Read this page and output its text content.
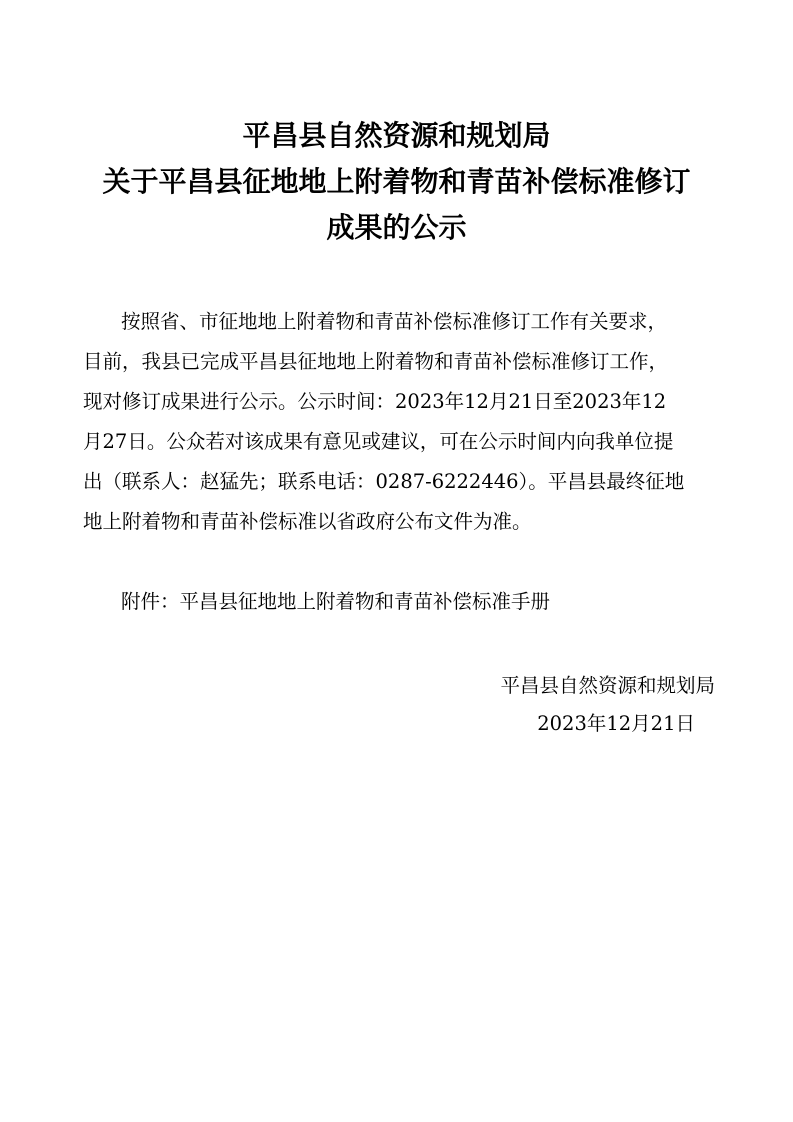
平昌县自然资源和规划局
关于平昌县征地地上附着物和青苗补偿标准修订
成果的公示
按照省、市征地地上附着物和青苗补偿标准修订工作有关要求，
目前，我县已完成平昌县征地地上附着物和青苗补偿标准修订工作，
现对修订成果进行公示。公示时间：2023年12月21日至2023年12
月27日。公众若对该成果有意见或建议，可在公示时间内向我单位提
出（联系人：赵猛先；联系电话：0287-6222446）。平昌县最终征地
地上附着物和青苗补偿标准以省政府公布文件为准。
附件：平昌县征地地上附着物和青苗补偿标准手册
平昌县自然资源和规划局
2023年12月21日
